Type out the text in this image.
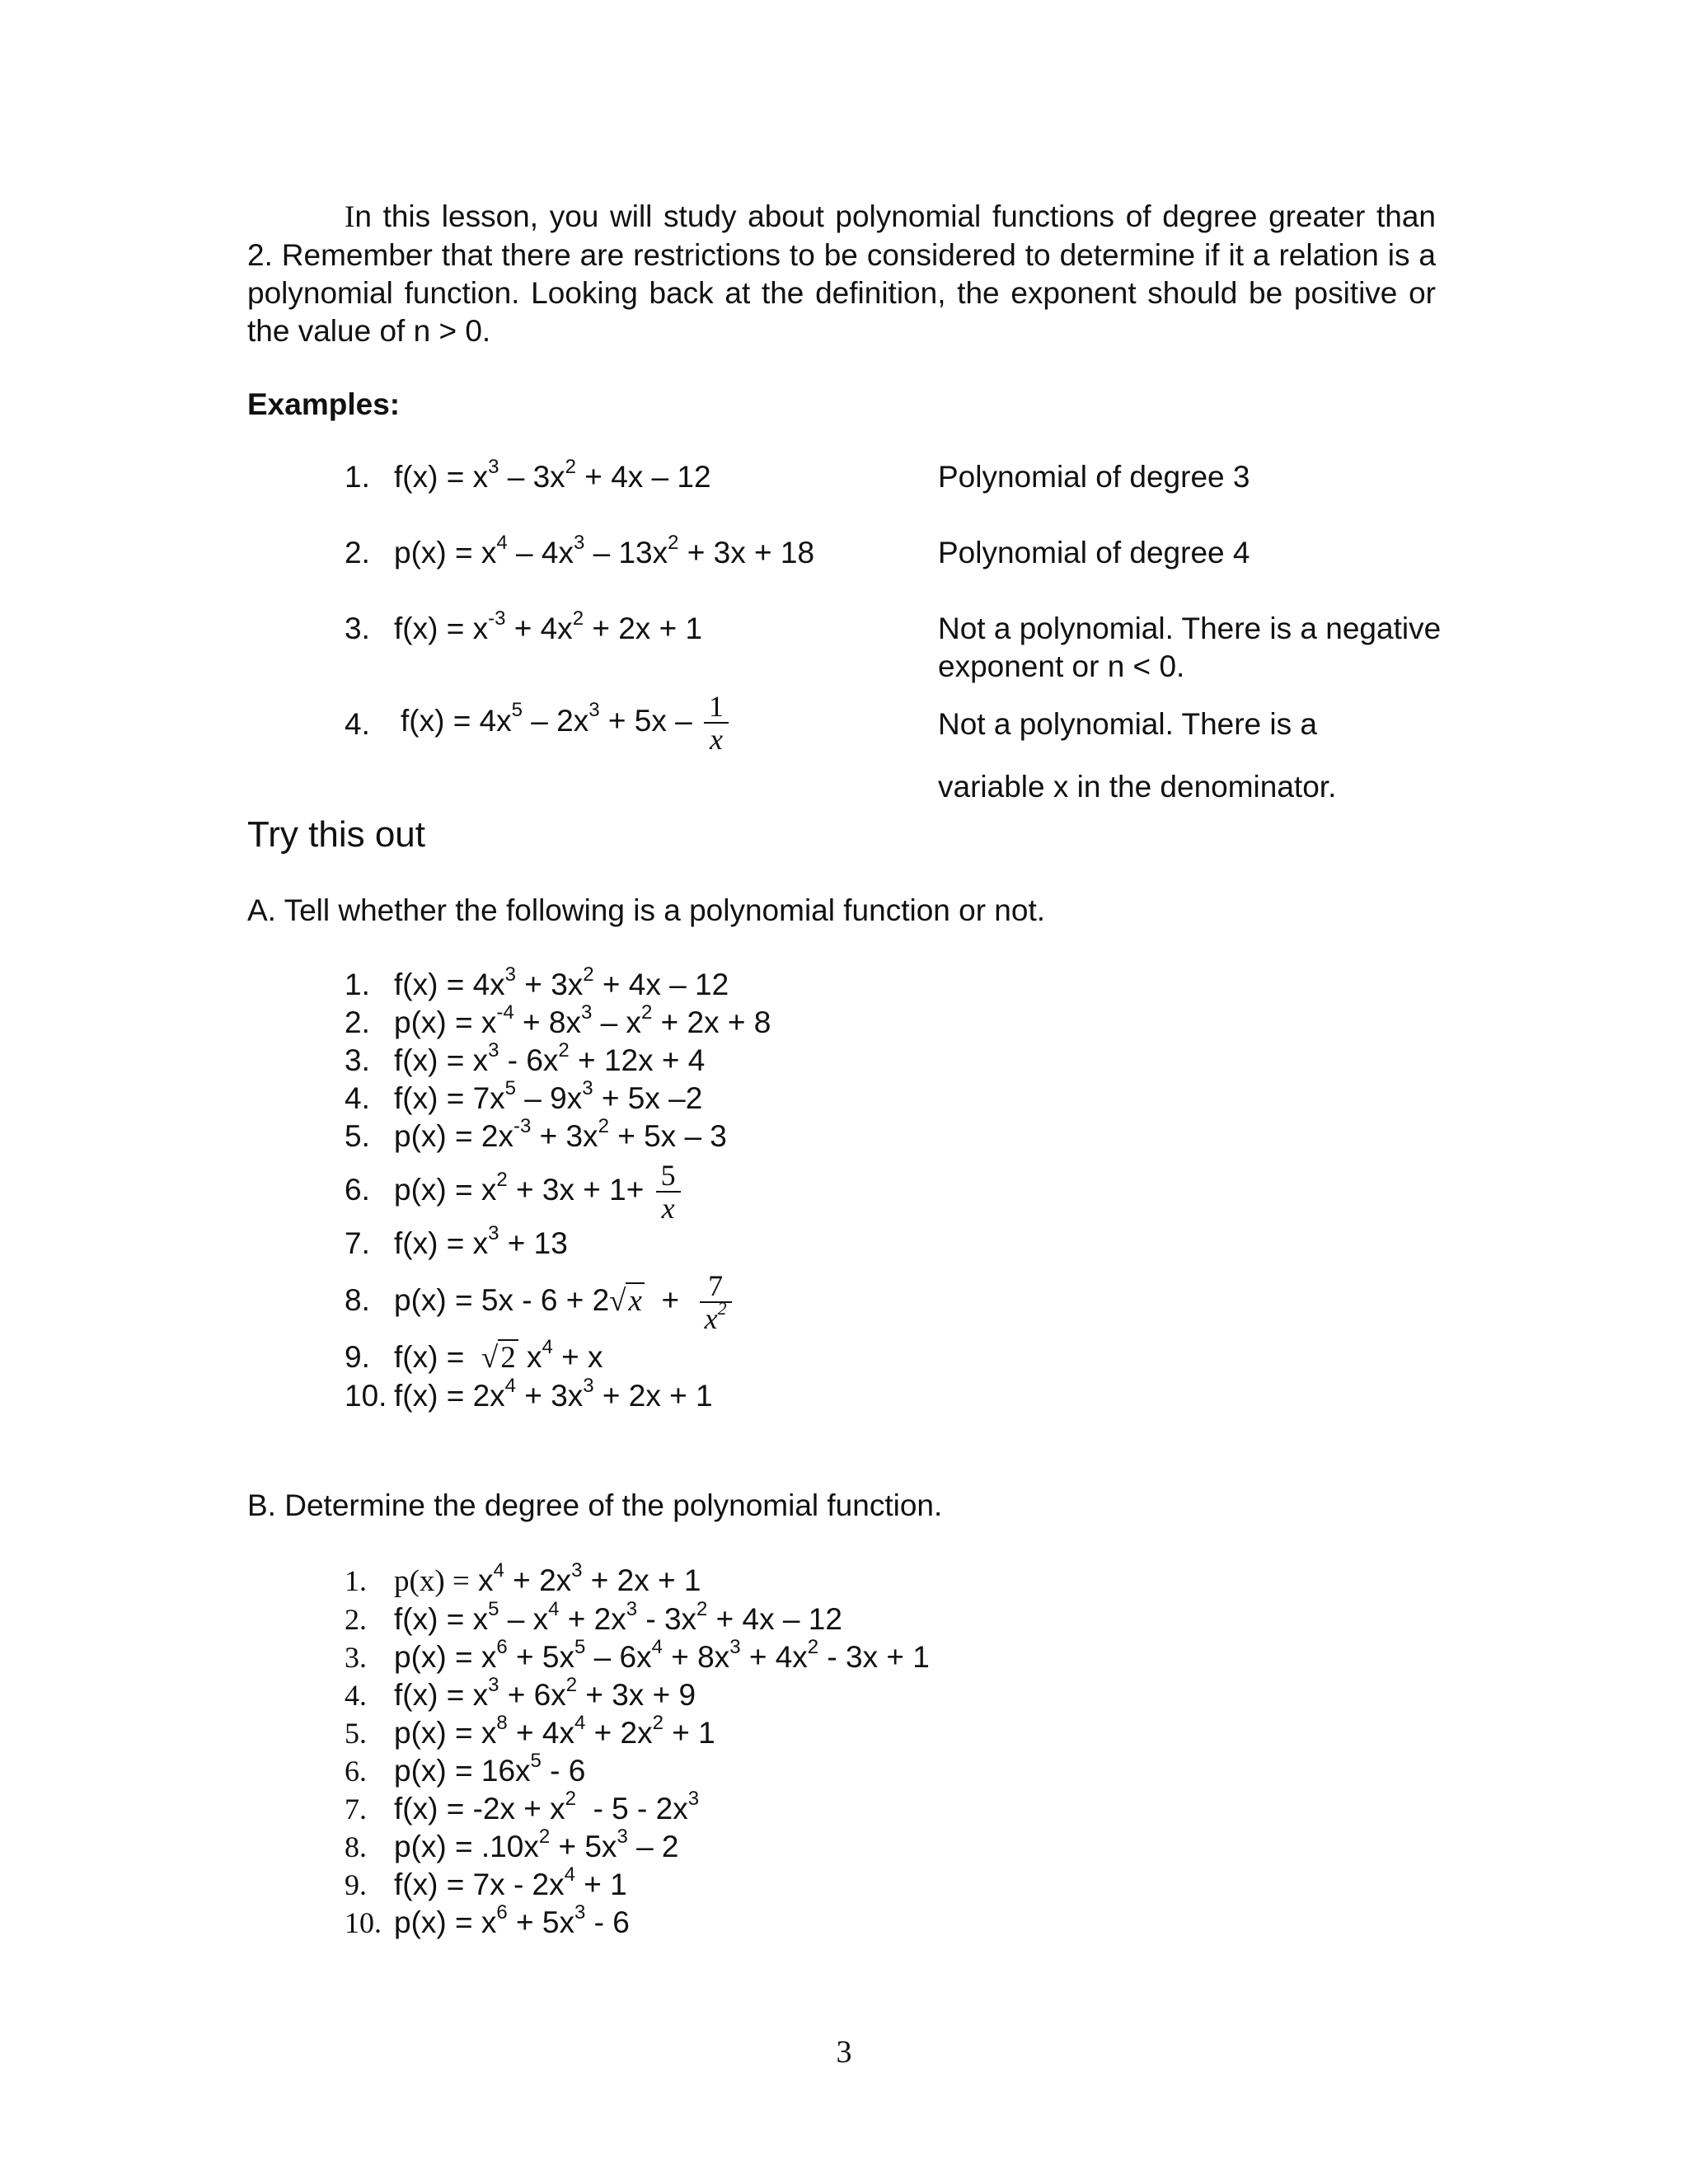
In this lesson, you will study about polynomial functions of degree greater than 2. Remember that there are restrictions to be considered to determine if it a relation is a polynomial function. Looking back at the definition, the exponent should be positive or the value of n > 0.

Examples:
1. $f(x) = x^3 - 3x^2 + 4x - 12$	Polynomial of degree 3
2. $p(x) = x^4 - 4x^3 - 13x^2 + 3x + 18$	Polynomial of degree 4
3. $f(x) = x^{-3} + 4x^2 + 2x + 1$	Not a polynomial. There is a negative exponent or n < 0.
4. $f(x) = 4x^5 - 2x^3 + 5x - \frac{1}{x}$	Not a polynomial. There is a
variable x in the denominator.
Try this out
A. Tell whether the following is a polynomial function or not.
1. $f(x) = 4x^3 + 3x^2 + 4x - 12$
2. $p(x) = x^{-4} + 8x^3 - x^2 + 2x + 8$
3. $f(x) = x^3 - 6x^2 + 12x + 4$
4. $f(x) = 7x^5 - 9x^3 + 5x$ –2
5. $p(x) = 2x^{-3} + 3x^2 + 5x - 3$
6. $p(x) = x^2 + 3x + 1+ \frac{5}{x}$
7. $f(x) = x^3 + 13$
8. $p(x) = 5x - 6 + 2√x + \frac{7}{x^2}$
9. f(x) =  √2 $x^4 + x$
10. $f(x) = 2x^4 + 3x^3 + 2x + 1$
B. Determine the degree of the polynomial function.
1. $p(x) = x^4 + 2x^3 + 2x + 1$
2. $f(x) = x^5 - x^4 + 2x^3 - 3x^2 + 4x - 12$
3. $p(x) = x^6 + 5x^5 - 6x^4 + 8x^3 + 4x^2 - 3x + 1$
4. $f(x) = x^3 + 6x^2 + 3x + 9$
5. $p(x) = x^8 + 4x^4 + 2x^2 + 1$
6. $p(x) = 16x^5 - 6$
7. $f(x) = -2x + x^2 - 5 - 2x^3$
8. $p(x) = .10x^2 + 5x^3 - 2$
9. $f(x) = 7x - 2x^4 + 1$
10. $p(x) = x^6 + 5x^3 - 6$
3
